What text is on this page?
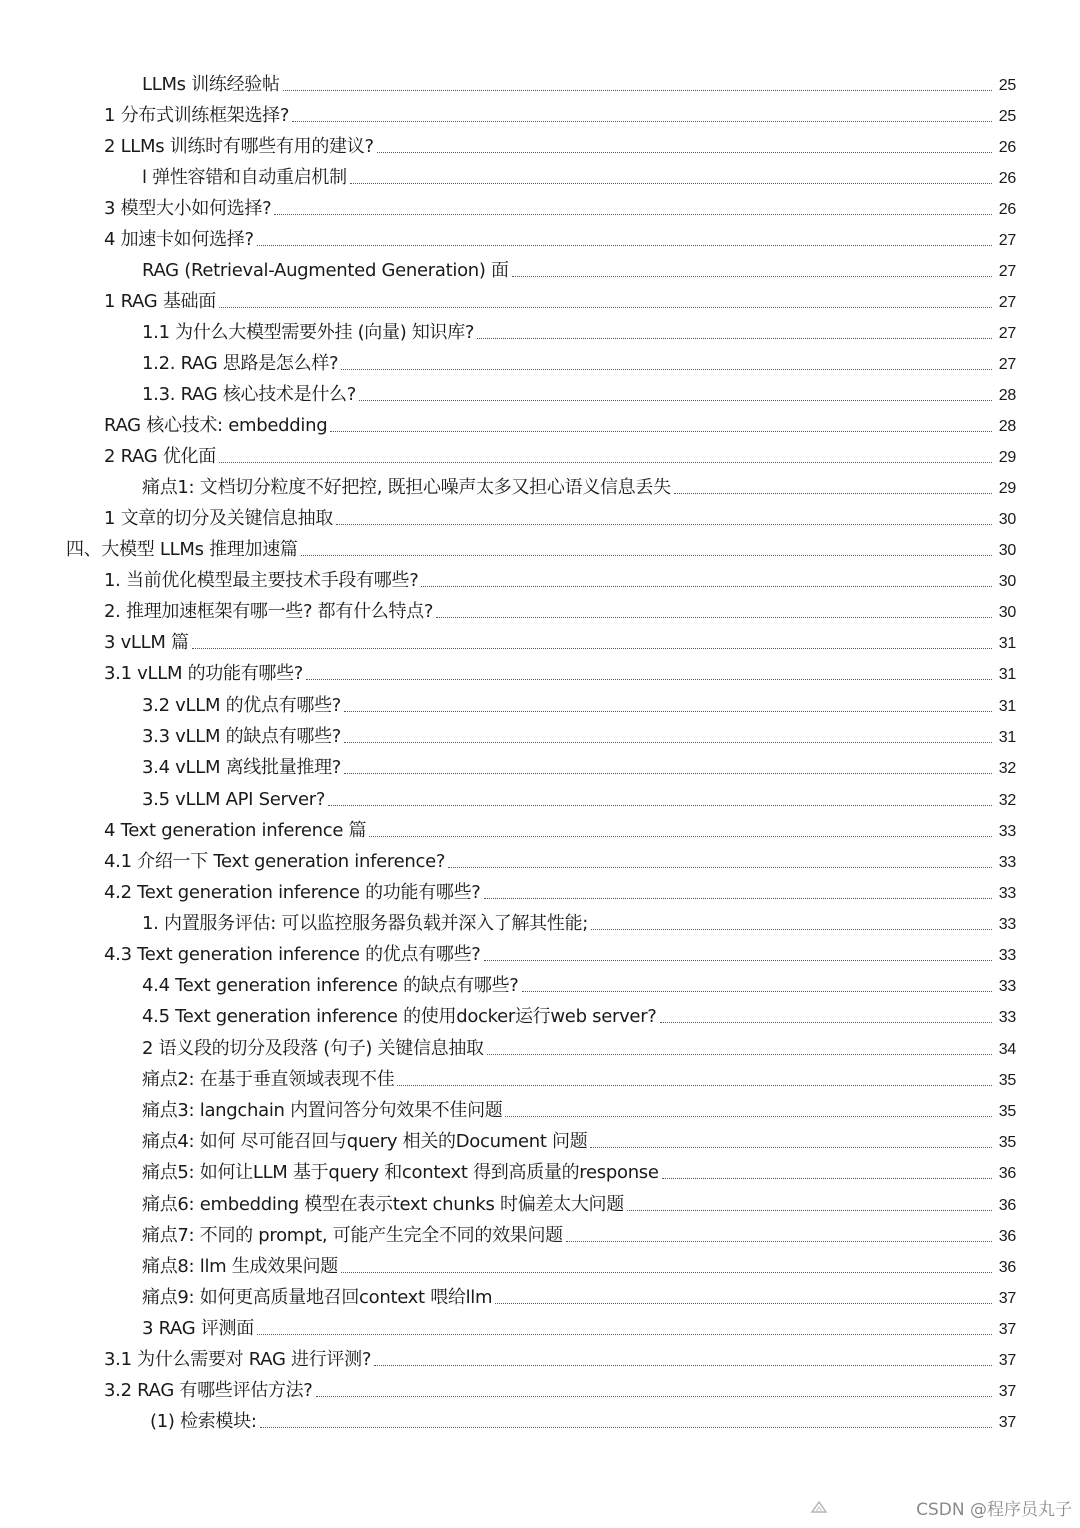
LLMs 训练经验帖	25
1 分布式训练框架选择?	25
2 LLMs 训练时有哪些有用的建议?	26
l 弹性容错和自动重启机制	26
3 模型大小如何选择?	26
4 加速卡如何选择?	27
RAG (Retrieval-Augmented Generation) 面	27
1 RAG 基础面	27
1.1 为什么大模型需要外挂 (向量) 知识库?	27
1.2. RAG 思路是怎么样?	27
1.3. RAG 核心技术是什么?	28
RAG 核心技术: embedding	28
2 RAG 优化面	29
痛点1: 文档切分粒度不好把控, 既担心噪声太多又担心语义信息丢失	29
1 文章的切分及关键信息抽取	30
四、大模型 LLMs 推理加速篇	30
1. 当前优化模型最主要技术手段有哪些?	30
2. 推理加速框架有哪一些? 都有什么特点?	30
3 vLLM 篇	31
3.1 vLLM 的功能有哪些?	31
3.2 vLLM 的优点有哪些?	31
3.3 vLLM 的缺点有哪些?	31
3.4 vLLM 离线批量推理?	32
3.5 vLLM API Server?	32
4 Text generation inference 篇	33
4.1 介绍一下 Text generation inference?	33
4.2 Text generation inference 的功能有哪些?	33
1. 内置服务评估: 可以监控服务器负载并深入了解其性能;	33
4.3 Text generation inference 的优点有哪些?	33
4.4 Text generation inference 的缺点有哪些?	33
4.5 Text generation inference 的使用docker运行web server?	33
2 语义段的切分及段落 (句子) 关键信息抽取	34
痛点2: 在基于垂直领域表现不佳	35
痛点3: langchain 内置问答分句效果不佳问题	35
痛点4: 如何 尽可能召回与query 相关的Document 问题	35
痛点5: 如何让LLM 基于query 和context 得到高质量的response	36
痛点6: embedding 模型在表示text chunks 时偏差太大问题	36
痛点7: 不同的 prompt, 可能产生完全不同的效果问题	36
痛点8: llm 生成效果问题	36
痛点9: 如何更高质量地召回context 喂给llm	37
3 RAG 评测面	37
3.1 为什么需要对 RAG 进行评测?	37
3.2 RAG 有哪些评估方法?	37
(1) 检索模块:	37
CSDN @程序员丸子
